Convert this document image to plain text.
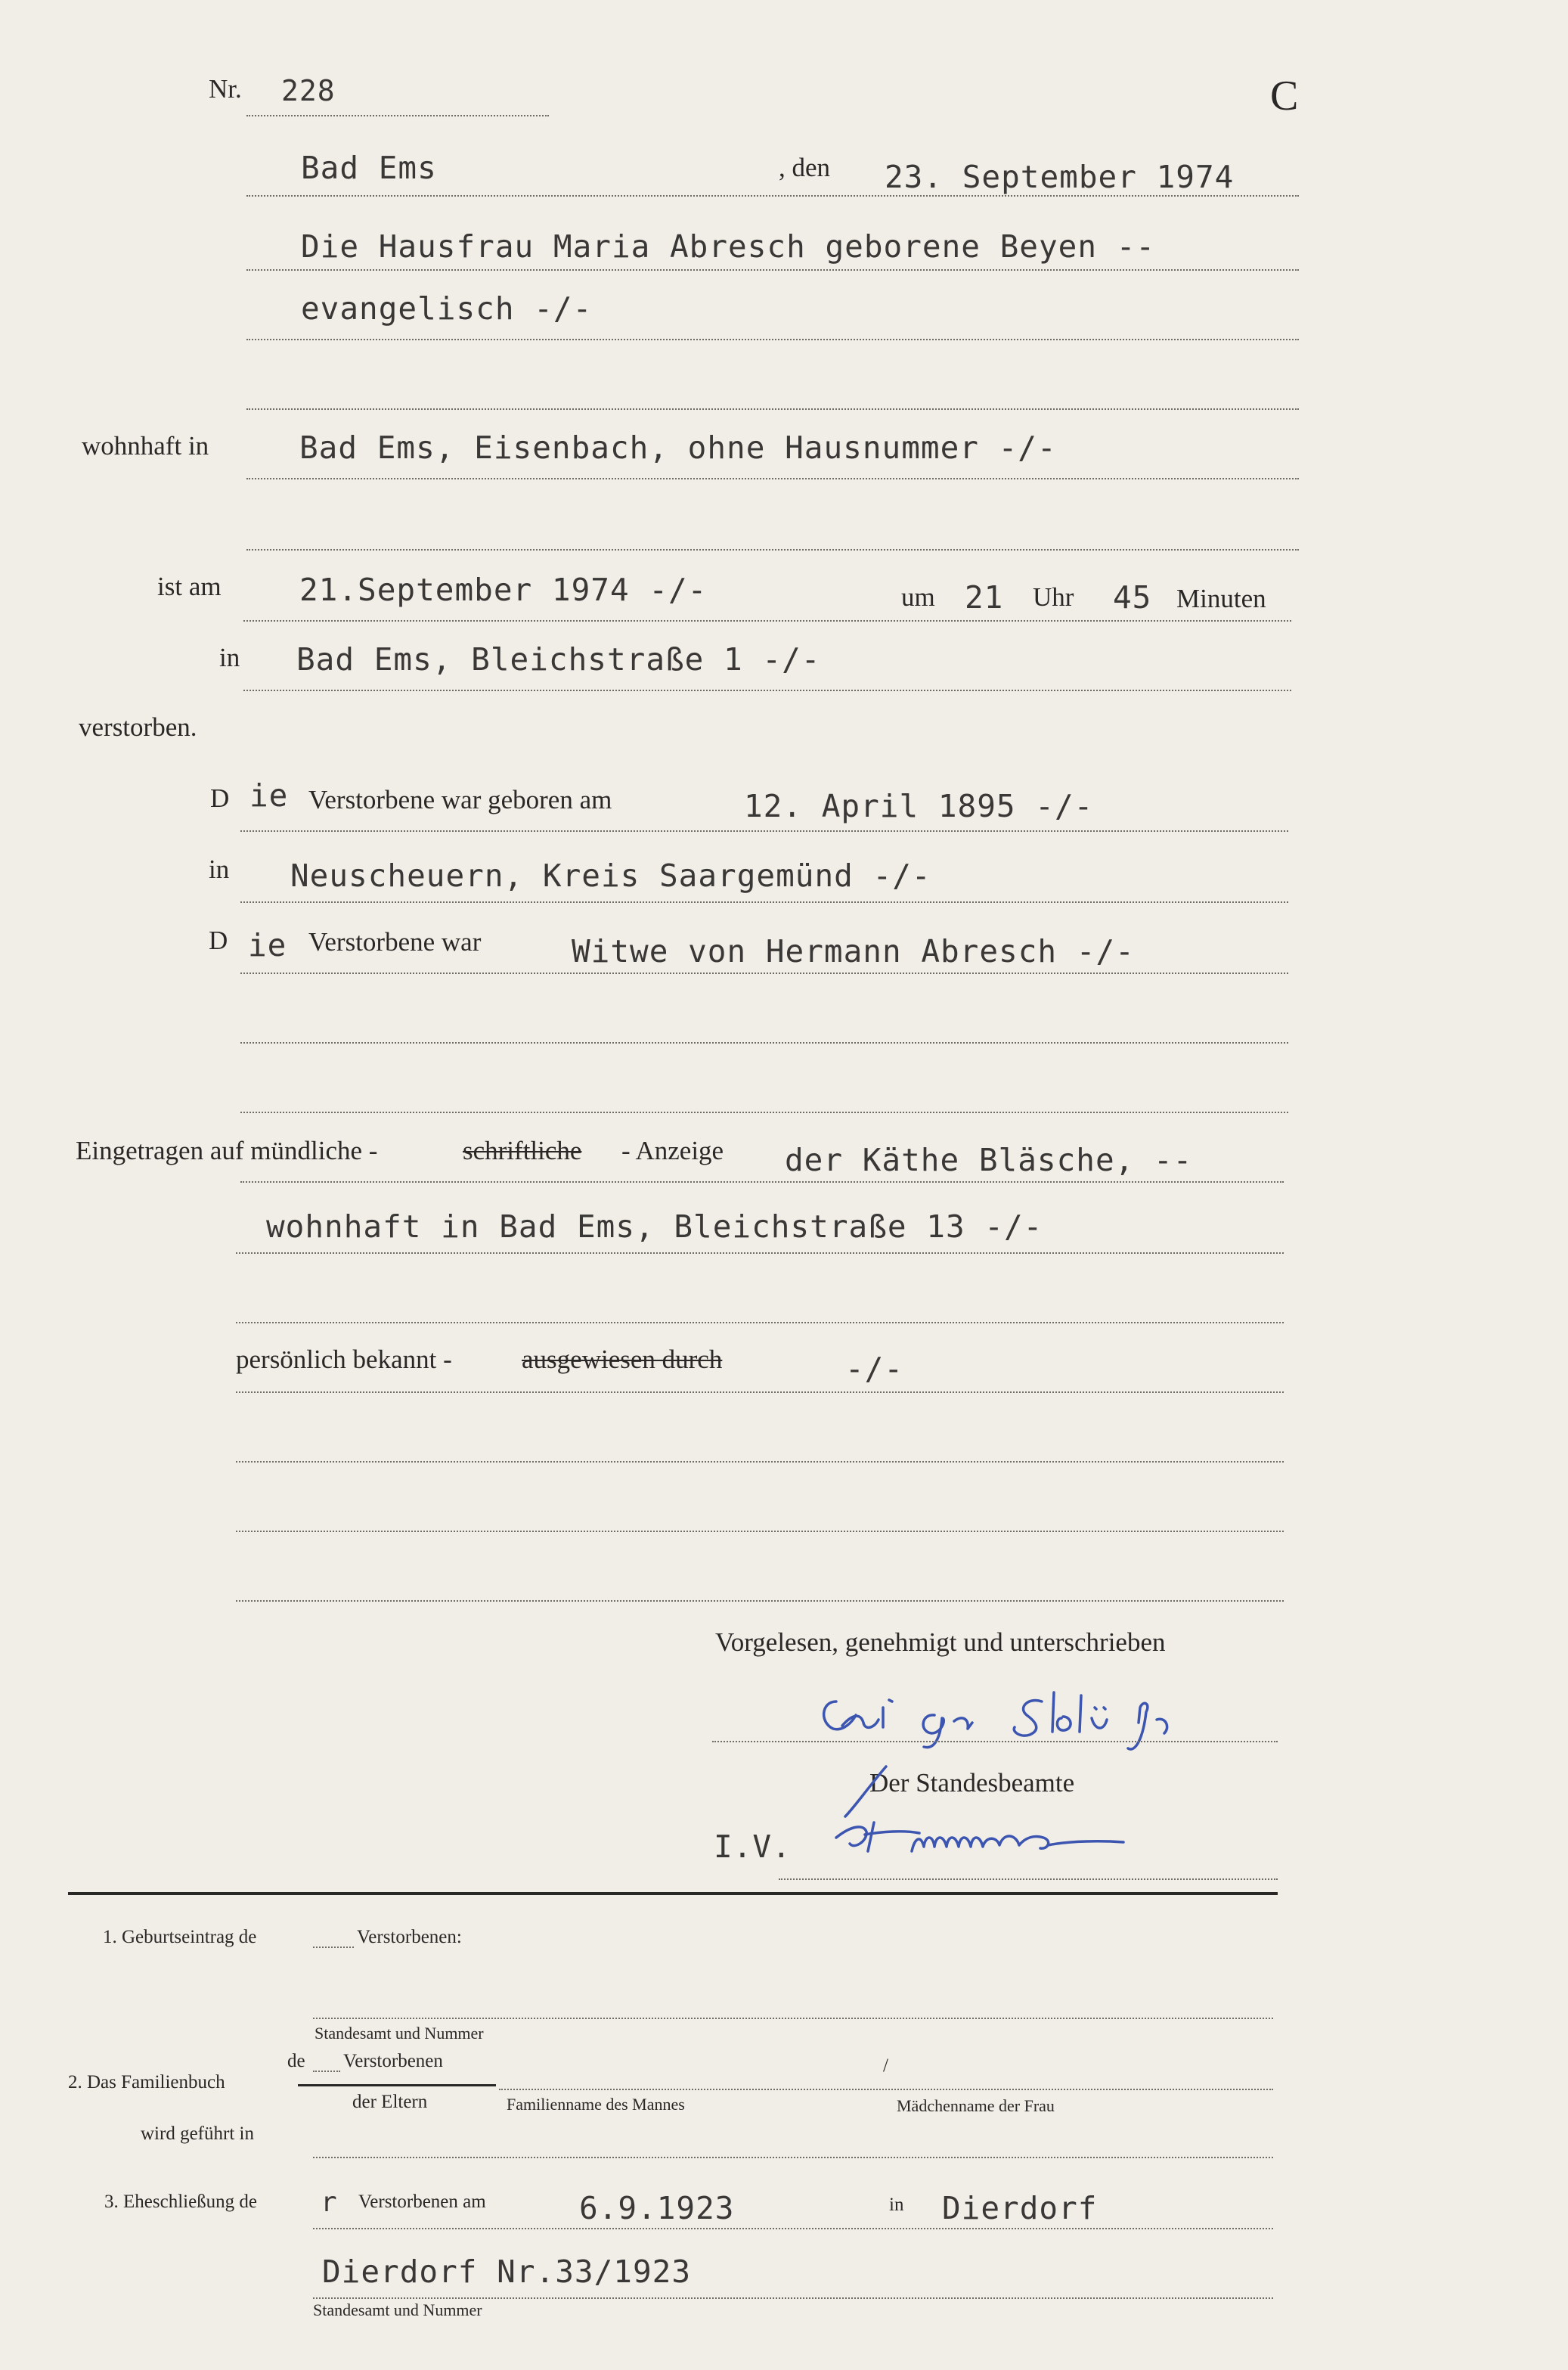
Nr. 228	C
Bad Ems	, den 23. September 1974
Die Hausfrau Maria Abresch geborene Beyen --
evangelisch -/-
wohnhaft in	Bad Ems, Eisenbach, ohne Hausnummer -/-
ist am	21.September 1974 -/-	um 21 Uhr 45 Minuten
in Bad Ems, Bleichstraße 1 -/-
verstorben.
D ie Verstorbene war geboren am	12. April 1895 -/-
in Neuscheuern, Kreis Saargemünd -/-
D ie Verstorbene war	Witwe von Hermann Abresch -/-
Eingetragen auf mündliche -	schriftliche - Anzeige der Käthe Bläsche, --
wohnhaft in Bad Ems, Bleichstraße 13 -/-
persönlich bekannt -	ausgewiesen durch	-/-
Vorgelesen, genehmigt und unterschrieben
Der Standesbeamte
I.V.
1. Geburtseintrag de	Verstorbenen:
Standesamt und Nummer
2. Das Familienbuch
de Verstorbenen
der Eltern
/
Familienname des Mannes	Mädchenname der Frau
wird geführt in
3. Eheschließung de r Verstorbenen am	6.9.1923	in Dierdorf
Dierdorf Nr.33/1923
Standesamt und Nummer
